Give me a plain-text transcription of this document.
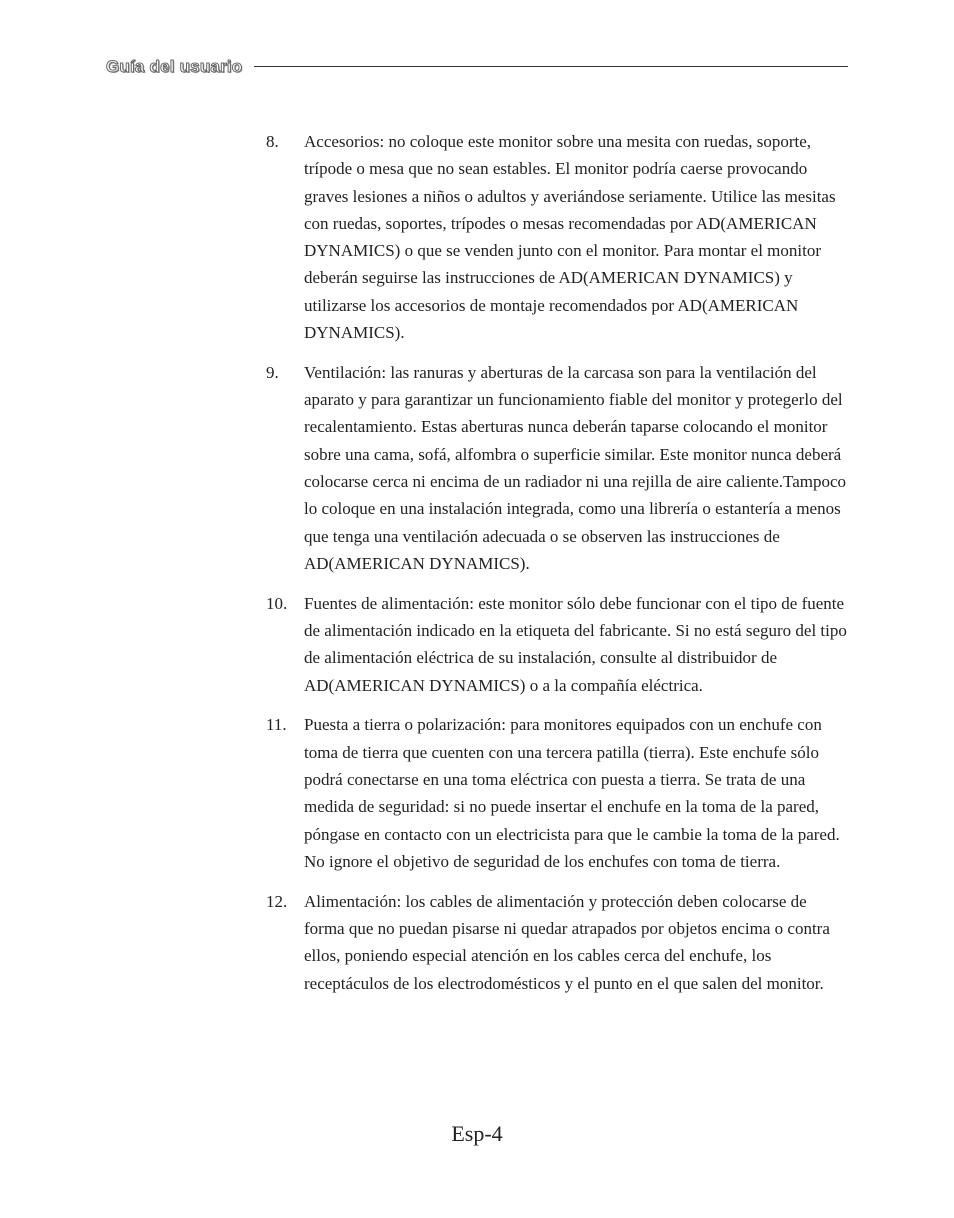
Guía del usuario
8. Accesorios: no coloque este monitor sobre una mesita con ruedas, soporte, trípode o mesa que no sean estables. El monitor podría caerse provocando graves lesiones a niños o adultos y averiándose seriamente. Utilice las mesitas con ruedas, soportes, trípodes o mesas recomendadas por AD(AMERICAN DYNAMICS) o que se venden junto con el monitor. Para montar el monitor deberán seguirse las instrucciones de AD(AMERICAN DYNAMICS) y utilizarse los accesorios de montaje recomendados por AD(AMERICAN DYNAMICS).
9. Ventilación: las ranuras y aberturas de la carcasa son para la ventilación del aparato y para garantizar un funcionamiento fiable del monitor y protegerlo del recalentamiento. Estas aberturas nunca deberán taparse colocando el monitor sobre una cama, sofá, alfombra o superficie similar. Este monitor nunca deberá colocarse cerca ni encima de un radiador ni una rejilla de aire caliente.Tampoco lo coloque en una instalación integrada, como una librería o estantería a menos que tenga una ventilación adecuada o se observen las instrucciones de AD(AMERICAN DYNAMICS).
10. Fuentes de alimentación: este monitor sólo debe funcionar con el tipo de fuente de alimentación indicado en la etiqueta del fabricante. Si no está seguro del tipo de alimentación eléctrica de su instalación, consulte al distribuidor de AD(AMERICAN DYNAMICS) o a la compañía eléctrica.
11. Puesta a tierra o polarización: para monitores equipados con un enchufe con toma de tierra que cuenten con una tercera patilla (tierra). Este enchufe sólo podrá conectarse en una toma eléctrica con puesta a tierra. Se trata de una medida de seguridad: si no puede insertar el enchufe en la toma de la pared, póngase en contacto con un electricista para que le cambie la toma de la pared. No ignore el objetivo de seguridad de los enchufes con toma de tierra.
12. Alimentación: los cables de alimentación y protección deben colocarse de forma que no puedan pisarse ni quedar atrapados por objetos encima o contra ellos, poniendo especial atención en los cables cerca del enchufe, los receptáculos de los electrodomésticos y el punto en el que salen del monitor.
Esp-4
